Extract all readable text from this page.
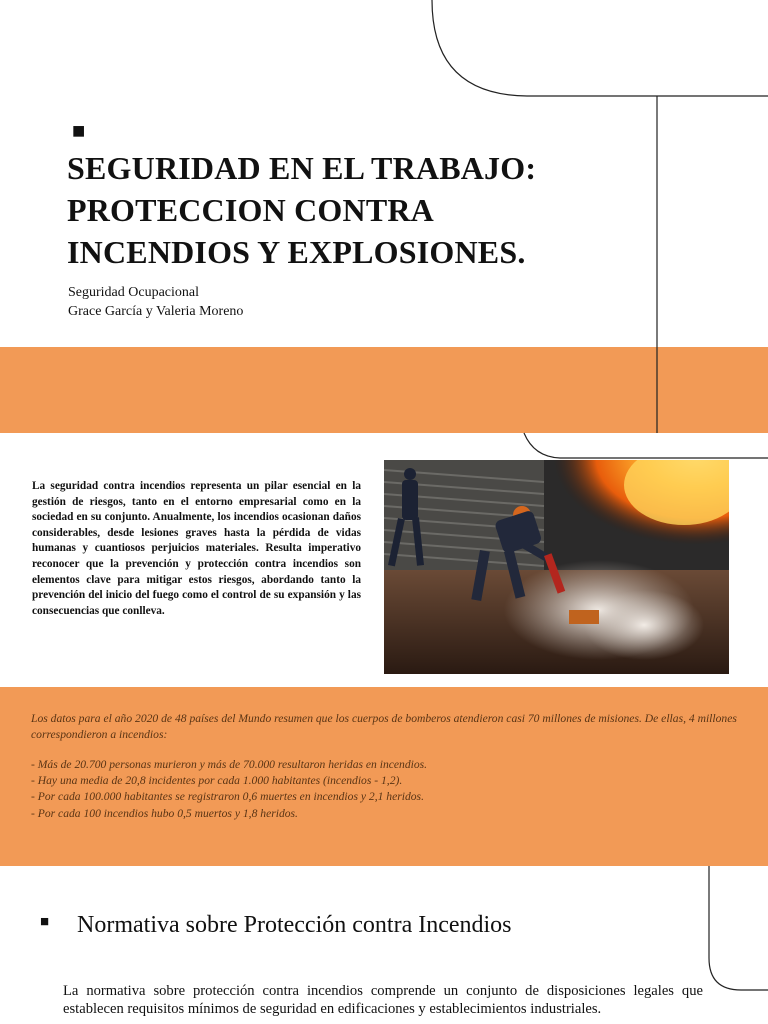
■
SEGURIDAD EN EL TRABAJO:
PROTECCION CONTRA
INCENDIOS Y EXPLOSIONES.
Seguridad Ocupacional
Grace García y Valeria Moreno

La seguridad contra incendios representa un pilar esencial en la gestión de riesgos, tanto en el entorno empresarial como en la sociedad en su conjunto. Anualmente, los incendios ocasionan daños considerables, desde lesiones graves hasta la pérdida de vidas humanas y cuantiosos perjuicios materiales. Resulta imperativo reconocer que la prevención y protección contra incendios son elementos clave para mitigar estos riesgos, abordando tanto la prevención del inicio del fuego como el control de su expansión y las consecuencias que conlleva.

Los datos para el año 2020 de 48 países del Mundo resumen que los cuerpos de bomberos atendieron casi 70 millones de misiones. De ellas, 4 millones correspondieron a incendios:

- Más de 20.700 personas murieron y más de 70.000 resultaron heridas en incendios.
- Hay una media de 20,8 incidentes por cada 1.000 habitantes (incendios - 1,2).
- Por cada 100.000 habitantes se registraron 0,6 muertes en incendios y 2,1 heridos.
- Por cada 100 incendios hubo 0,5 muertos y 1,8 heridos.
■ Normativa sobre Protección contra Incendios

La normativa sobre protección contra incendios comprende un conjunto de disposiciones legales que establecen requisitos mínimos de seguridad en edificaciones y establecimientos industriales.
